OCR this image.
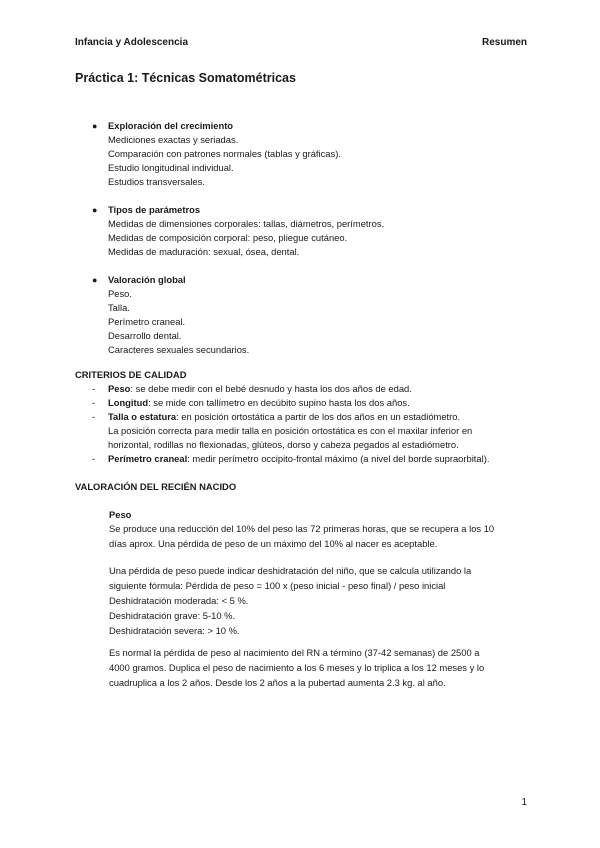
Infancia y Adolescencia	Resumen
Práctica 1: Técnicas Somatométricas
● Exploración del crecimiento
Mediciones exactas y seriadas.
Comparación con patrones normales (tablas y gráficas).
Estudio longitudinal individual.
Estudios transversales.
● Tipos de parámetros
Medidas de dimensiones corporales: tallas, diámetros, perímetros.
Medidas de composición corporal: peso, pliegue cutáneo.
Medidas de maduración: sexual, ósea, dental.
● Valoración global
Peso.
Talla.
Perímetro craneal.
Desarrollo dental.
Caracteres sexuales secundarios.
CRITERIOS DE CALIDAD
- Peso: se debe medir con el bebé desnudo y hasta los dos años de edad.
- Longitud: se mide con tallímetro en decúbito supino hasta los dos años.
- Talla o estatura: en posición ortostática a partir de los dos años en un estadiómetro.
La posición correcta para medir talla en posición ortostática es con el maxilar inferior en
horizontal, rodillas no flexionadas, glúteos, dorso y cabeza pegados al estadiómetro.
- Perímetro craneal: medir perímetro occipito-frontal máximo (a nivel del borde supraorbital).
VALORACIÓN DEL RECIÉN NACIDO
Peso
Se produce una reducción del 10% del peso las 72 primeras horas, que se recupera a los 10
días aprox. Una pérdida de peso de un máximo del 10% al nacer es aceptable.
Una pérdida de peso puede indicar deshidratación del niño, que se calcula utilizando la
siguiente fórmula: Pérdida de peso = 100 x (peso inicial - peso final) / peso inicial
Deshidratación moderada: < 5 %.
Deshidratación grave: 5-10 %.
Deshidratación severa: > 10 %.
Es normal la pérdida de peso al nacimiento del RN a término (37-42 semanas) de 2500 a
4000 gramos. Duplica el peso de nacimiento a los 6 meses y lo triplica a los 12 meses y lo
cuadruplica a los 2 años. Desde los 2 años a la pubertad aumenta 2.3 kg. al año.
1
